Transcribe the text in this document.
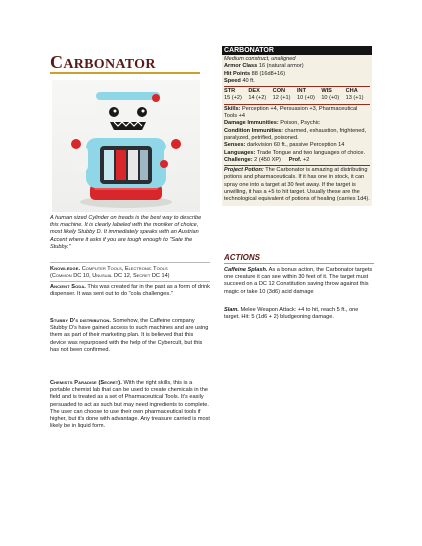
CARBONATOR
A human sized Cylinder on treads is the best way to describe this machine. It is clearly labeled with the moniker of choice, most likely Stubby D. It immediately speaks with an Austrian Accent where it asks if you are tough enough to "Sate the Stubby."
Knowledge. Computer Tools, Electronic Tools
(Common DC 10, Unusual DC 12, Secret DC 14)
Ancient Soda. This was created far in the past as a form of drink dispenser. It was sent out to do "cola challenges."
Stubby D's distribution. Somehow, the Caffeine company Stubby D's have gained access to such machines and are using them as part of their marketing plan. It is believed that this device was repurposed with the help of the Cybercult, but this has not been confirmed.
Chemists Paradise (Secret). With the right skills, this is a portable chemist lab that can be used to create chemicals in the field and is treated as a set of Pharmaceutical Tools. It's easily persuaded to act as such but may need ingredients to complete. The user can choose to use their own pharmaceutical tools if higher, but it's done with advantage. Any treasure carried is most likely be in liquid form.
CARBONATOR
Medium construct, unaligned
Armor Class 16 (natural armor)
Hit Points 88 (16d8+16)
Speed 40 ft.
STR	DEX	CON	INT	WIS	CHA
15 (+2)	14 (+2)	12 (+1)	10 (+0)	10 (+0)	13 (+1)
Skills: Perception +4, Persuasion +3, Pharmaceutical Tools +4
Damage Immunities: Poison, Psychic
Condition Immunities: charmed, exhaustion, frightened, paralyzed, petrified, poisoned.
Senses: darkvision 60 ft., passive Perception 14
Languages: Trade Tongue and two languages of choice.
Challenge: 2 (450 XP) Prof. +2
Project Potion: The Carbonator is amazing at distributing potions and pharmaceuticals. If it has one in stock, it can spray one into a target at 30 feet away. If the target is unwilling, it has a +5 to hit target. Usually these are the technological equivalent of potions of healing (carries 1d4).
ACTIONS
Caffeine Splash. As a bonus action, the Carbonator targets one creature it can see within 30 feet of it. The target must succeed on a DC 12 Constitution saving throw against this magic or take 10 (3d6) acid damage
Slam. Melee Weapon Attack: +4 to hit, reach 5 ft., one target. Hit: 5 (1d6 + 2) bludgeoning damage.
